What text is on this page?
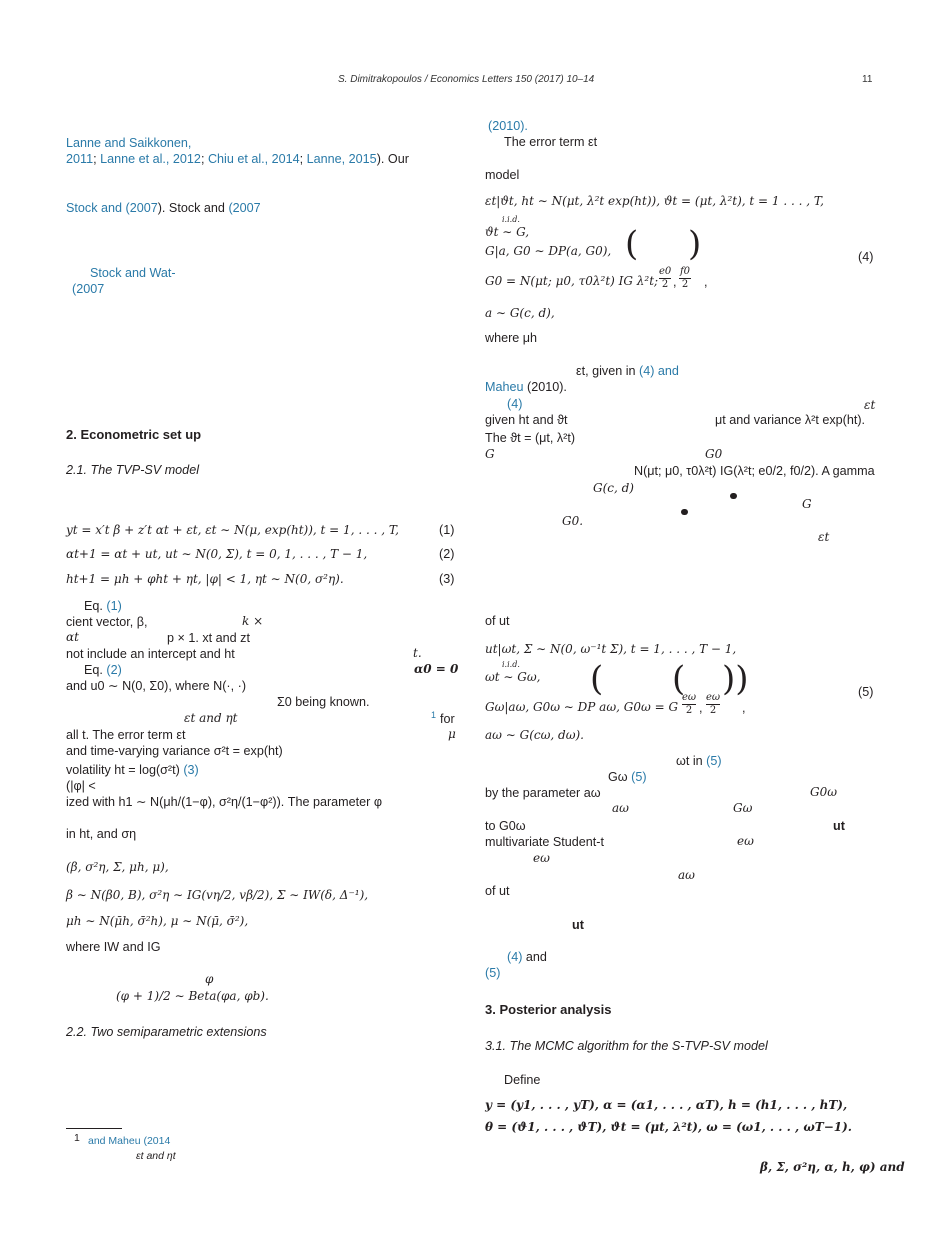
S. Dimitrakopoulos / Economics Letters 150 (2017) 10–14	11
Lanne and Saikkonen,
2011; Lanne et al., 2012; Chiu et al., 2014; Lanne, 2015). Our
Stock and (2007). Stock and (2007
Stock and Wat-
(2007
2. Econometric set up
2.1. The TVP-SV model
yt = x′t β + z′t αt + εt, εt ∼ N(μ, exp(ht)), t = 1, . . . , T,	(1)
αt+1 = αt + ut, ut ∼ N(0, Σ), t = 0, 1, . . . , T − 1,	(2)
ht+1 = μh + φht + ηt, |φ| < 1, ηt ∼ N(0, σ²η).	(3)
Eq. (1)
cient vector, β,	k ×
αt	p × 1. xt and zt
not include an intercept and ht	t.
Eq. (2)	α0 = 0
and u0 ∼ N(0, Σ0), where N(·, ·)
Σ0 being known.
εt and ηt	1 for
all t. The error term εt	μ
and time-varying variance σ²t = exp(ht)
volatility ht = log(σ²t) (3)
(|φ| <
ized with h1 ∼ N(μh/(1−φ), σ²η/(1−φ²)). The parameter φ
in ht, and ση
(β, σ²η, Σ, μh, μ),
β ∼ N(β0, B), σ²η ∼ IG(vη/2, vβ/2), Σ ∼ IW(δ, Δ⁻¹),
μh ∼ N(μ̄h, σ̄²h), μ ∼ N(μ̄, σ̄²),
where IW and IG
φ
(φ + 1)/2 ∼ Beta(φa, φb).
2.2. Two semiparametric extensions
1 and Maheu (2014
εt and ηt
(2010).
The error term εt
model
εt|ϑt, ht ∼ N(μt, λ²t exp(ht)), ϑt = (μt, λ²t), t = 1 . . . , T,
ϑt ∼ G,
i.i.d.
G|a, G0 ∼ DP(a, G0), ( )
G0 = N(μt; μ0, τ0λ²t) IG λ²t; $\frac{e0}{2}$ , $\frac{f0}{2}$ ,
(4)
a ∼ G(c, d),
where μh
εt, given in (4) and
Maheu (2010).
(4)	εt
given ht and ϑt	μt and variance λ²t exp(ht).
The ϑt = (μt, λ²t)
G	G0
N(μt; μ0, τ0λ²t) IG(λ²t; e0/2, f0/2). A gamma
G(c, d)
G
G0.
εt
of ut
ut|ωt, Σ ∼ N(0, ω⁻¹t Σ), t = 1, . . . , T − 1,
ωt ∼ Gω,
i.i.d. ( ( ))
Gω|aω, G0ω ∼ DP aω, G0ω = G $\frac{e\omega}{2}$ , $\frac{e\omega}{2}$ ,
(5)
aω ∼ G(cω, dω).
ωt in (5)
Gω (5)
by the parameter aω	G0ω
aω	Gω
to G0ω	ut
multivariate Student-t	eω
eω
aω
of ut
ut
(4) and
(5)
3. Posterior analysis
3.1. The MCMC algorithm for the S-TVP-SV model
Define
y = (y1, . . . , yT), α = (α1, . . . , αT), h = (h1, . . . , hT),
θ = (ϑ1, . . . , ϑT), ϑt = (μt, λ²t), ω = (ω1, . . . , ωT−1).
β, Σ, σ²η, α, h, φ) and
